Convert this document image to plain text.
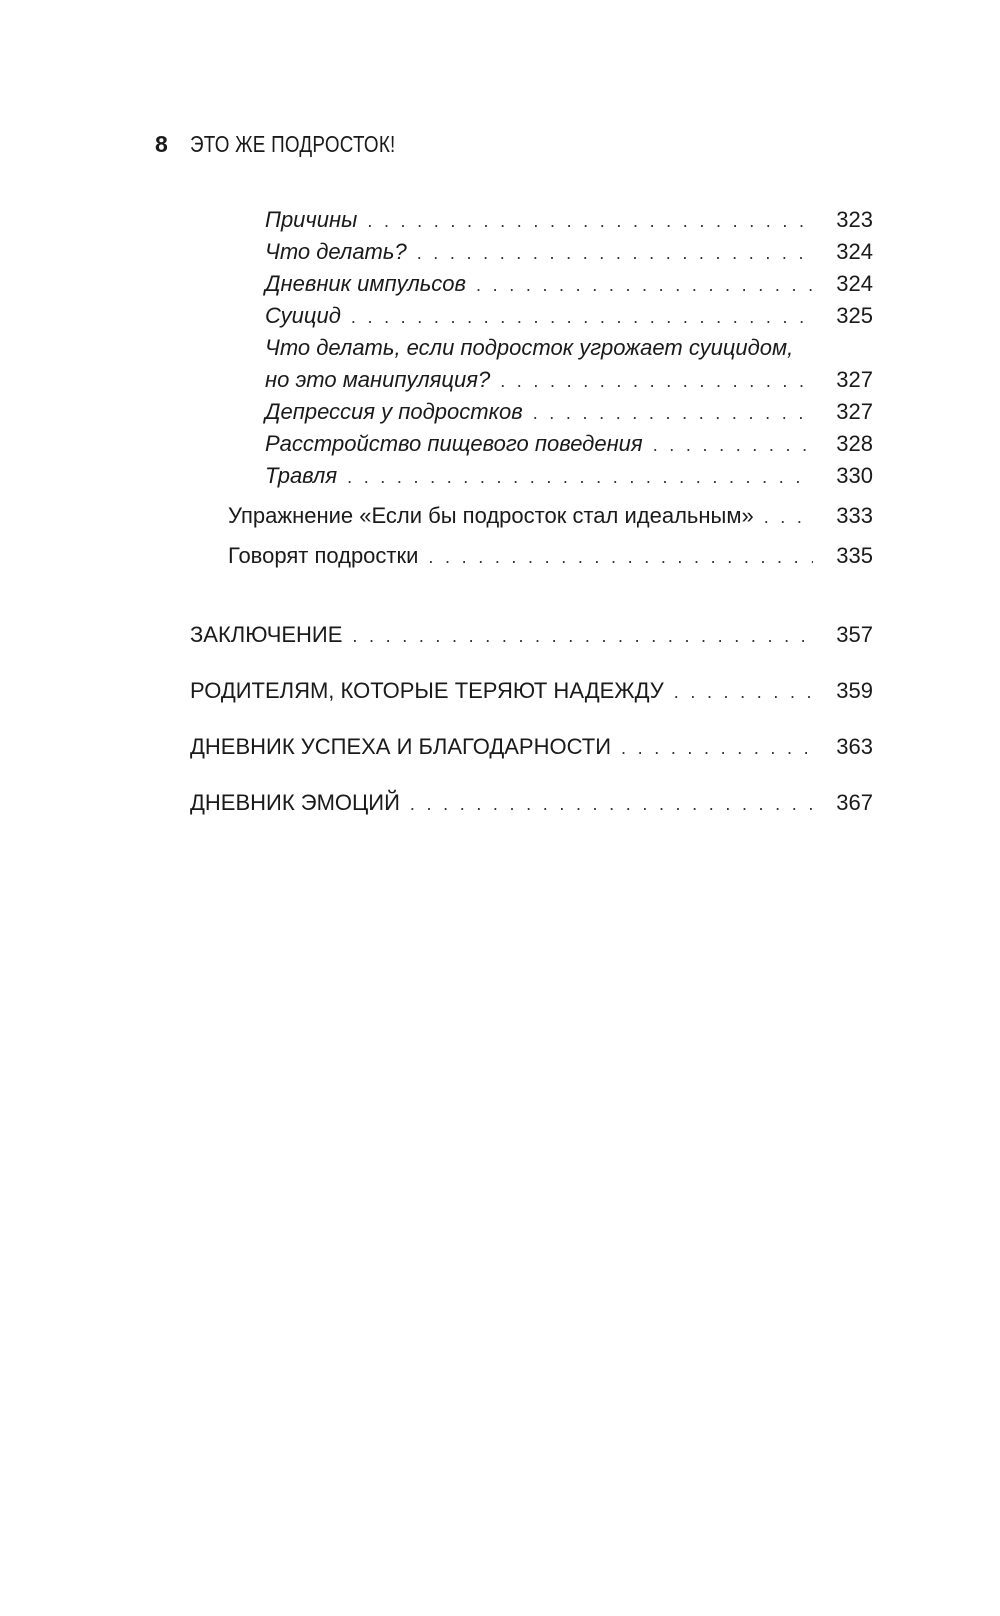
8 ЭТО ЖЕ ПОДРОСТОК!
Причины . . .	323
Что делать? . . .	324
Дневник импульсов . . .	324
Суицид . . .	325
Что делать, если подросток угрожает суицидом,
но это манипуляция? . . .	327
Депрессия у подростков . . .	327
Расстройство пищевого поведения . . .	328
Травля . . .	330
Упражнение «Если бы подросток стал идеальным» . . .	333
Говорят подростки . . .	335
ЗАКЛЮЧЕНИЕ . . .	357
РОДИТЕЛЯМ, КОТОРЫЕ ТЕРЯЮТ НАДЕЖДУ . . .	359
ДНЕВНИК УСПЕХА И БЛАГОДАРНОСТИ . . .	363
ДНЕВНИК ЭМОЦИЙ . . .	367
